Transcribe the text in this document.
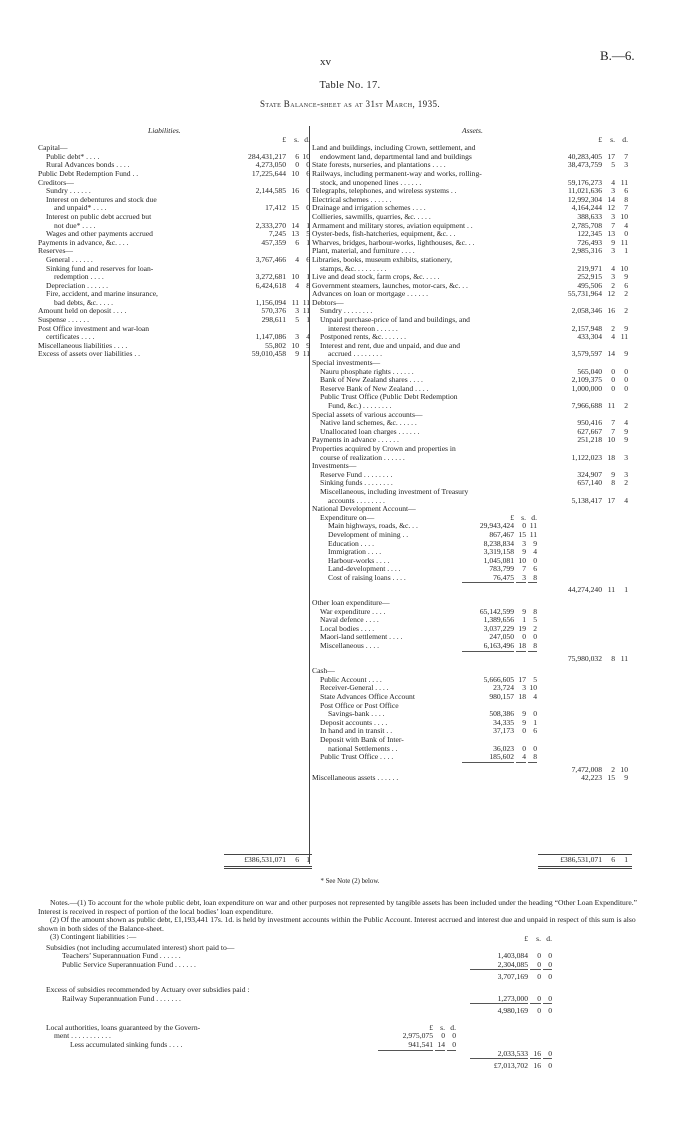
xv	B.—6.
Table No. 17.
State Balance-sheet as at 31st March, 1935.
Liabilities.
£	s. d.
Capital—
Public debt* . . . .	284,431,217	6 10
Rural Advances bonds . . . .	4,273,050	0 0
Public Debt Redemption Fund . .	17,225,644 10 6
Creditors—
Sundry . . . . . .	2,144,585 16 0
Interest on debentures and stock due
and unpaid* . . . .	17,412 15 0
Interest on public debt accrued but
not due* . . . .	2,333,270 14 1
Wages and other payments accrued	7,245 13 5
Payments in advance, &c. . . .	457,359	6 1
Reserves—
General . . . . . .	3,767,466	4 6
Sinking fund and reserves for loan-
redemption . . . .	3,272,681 10 1
Depreciation . . . . . .	6,424,618	4 8
Fire, accident, and marine insurance,
bad debts, &c. . . . .	1,156,094 11 11
Amount held on deposit . . . .	570,376	3 11
Suspense . . . . . .	298,611	5 1
Post Office investment and war-loan
certificates . . . .	1,147,086	3 4
Miscellaneous liabilities . . . .	55,802 10 9
Excess of assets over liabilities . .	59,010,458	9 11
Assets.
£	s. d.
Land and buildings, including Crown, settlement, and
endowment land, departmental land and buildings	40,283,405 17	7
State forests, nurseries, and plantations . . . .	38,473,759	5	3
Railways, including permanent-way and works, rolling-
stock, and unopened lines . . . . . .	59,176,273	4 11
Telegraphs, telephones, and wireless systems . .	11,021,636	3	6
Electrical schemes . . . . . .	12,992,304 14	8
Drainage and irrigation schemes . . . .	4,164,244 12	7
Collieries, sawmills, quarries, &c. . . . .	388,633	3 10
Armament and military stores, aviation equipment . .	2,785,708	7	4
Oyster-beds, fish-hatcheries, equipment, &c. . .	122,345 13	0
Wharves, bridges, harbour-works, lighthouses, &c. . .	726,493	9 11
Plant, material, and furniture . . . .	2,985,316	3	1
Libraries, books, museum exhibits, stationery,
stamps, &c. . . . . . . . .	219,971	4 10
Live and dead stock, farm crops, &c. . . . .	252,915	3	9
Government steamers, launches, motor-cars, &c. . .	495,506	2	6
Advances on loan or mortgage . . . . . .	55,731,964 12	2
Debtors—
Sundry . . . . . . . .	2,058,346 16	2
Unpaid purchase-price of land and buildings, and
interest thereon . . . . . .	2,157,948	2	9
Postponed rents, &c. . . . . . .	433,304	4 11
Interest and rent, due and unpaid, and due and
accrued . . . . . . . .	3,579,597 14	9
Special investments—
Nauru phosphate rights . . . . . .	565,040	0	0
Bank of New Zealand shares . . . .	2,109,375	0	0
Reserve Bank of New Zealand . . . .	1,000,000	0	0
Public Trust Office (Public Debt Redemption
Fund, &c.) . . . . . . . .	7,966,688 11	2
Special assets of various accounts—
Native land schemes, &c. . . . . .	950,416	7	4
Unallocated loan charges . . . . . .	627,667	7	9
Payments in advance . . . . . .	251,218 10	9
Properties acquired by Crown and properties in
course of realization . . . . . .	1,122,023 18	3
Investments—
Reserve Fund . . . . . . . .	324,907	9	3
Sinking funds . . . . . . . .	657,140	8	2
Miscellaneous, including investment of Treasury
accounts . . . . . . . .	5,138,417 17	4
National Development Account—
Expenditure on—	£ s. d.
Main highways, roads, &c. . .	29,943,424	0 11
Development of mining . .	867,467 15 11
Education . . . .	8,238,834	3 9
Immigration . . . .	3,319,158	9 4
Harbour-works . . . .	1,045,081 10 0
Land-development . . . .	783,799	7 6
Cost of raising loans . . . .	76,475	3 8
44,274,240 11	1
Other loan expenditure—
War expenditure . . . .	65,142,599	9 8
Naval defence . . . .	1,389,656	1 5
Local bodies . . . .	3,037,229 19 2
Maori-land settlement . . . .	247,050	0 0
Miscellaneous . . . .	6,163,496 18 8
75,980,032	8 11
Cash—
Public Account . . . .	5,666,605 17 5
Receiver-General . . . .	23,724	3 10
State Advances Office Account	980,157 18 4
Post Office or Post Office
Savings-bank . . . .	508,386	9 0
Deposit accounts . . . .	34,335	9 1
In hand and in transit . .	37,173	0 6
Deposit with Bank of Inter-
national Settlements . .	36,023	0 0
Public Trust Office . . . .	185,602	4 8
7,472,008	2 10
Miscellaneous assets . . . . . .	42,223 15	9
£386,531,071	6 1	£386,531,071	6	1
* See Note (2) below.
Notes.—(1) To account for the whole public debt, loan expenditure on war and other purposes not represented by tangible assets has been included under the heading “Other Loan Expenditure.” Interest is received in respect of portion of the local bodies’ loan expenditure.
(2) Of the amount shown as public debt, £1,193,441 17s. 1d. is held by investment accounts within the Public Account. Interest accrued and interest due and unpaid in respect of this sum is also shown in both sides of the Balance-sheet.
(3) Contingent liabilities :—	£	s. d.
Subsidies (not including accumulated interest) short paid to—
Teachers’ Superannuation Fund . . . . . .	1,403,084	0 0
Public Service Superannuation Fund . . . . . .	2,304,085	0 0
3,707,169	0 0
Excess of subsidies recommended by Actuary over subsidies paid :
Railway Superannuation Fund . . . . . . .	1,273,000	0 0
4,980,169	0 0
Local authorities, loans guaranteed by the Govern-	£ s. d.
ment . . . . . . . . . . .	2,975,075	0 0
Less accumulated sinking funds . . . .	941,541 14 0
2,033,533 16 0
£7,013,702 16 0
